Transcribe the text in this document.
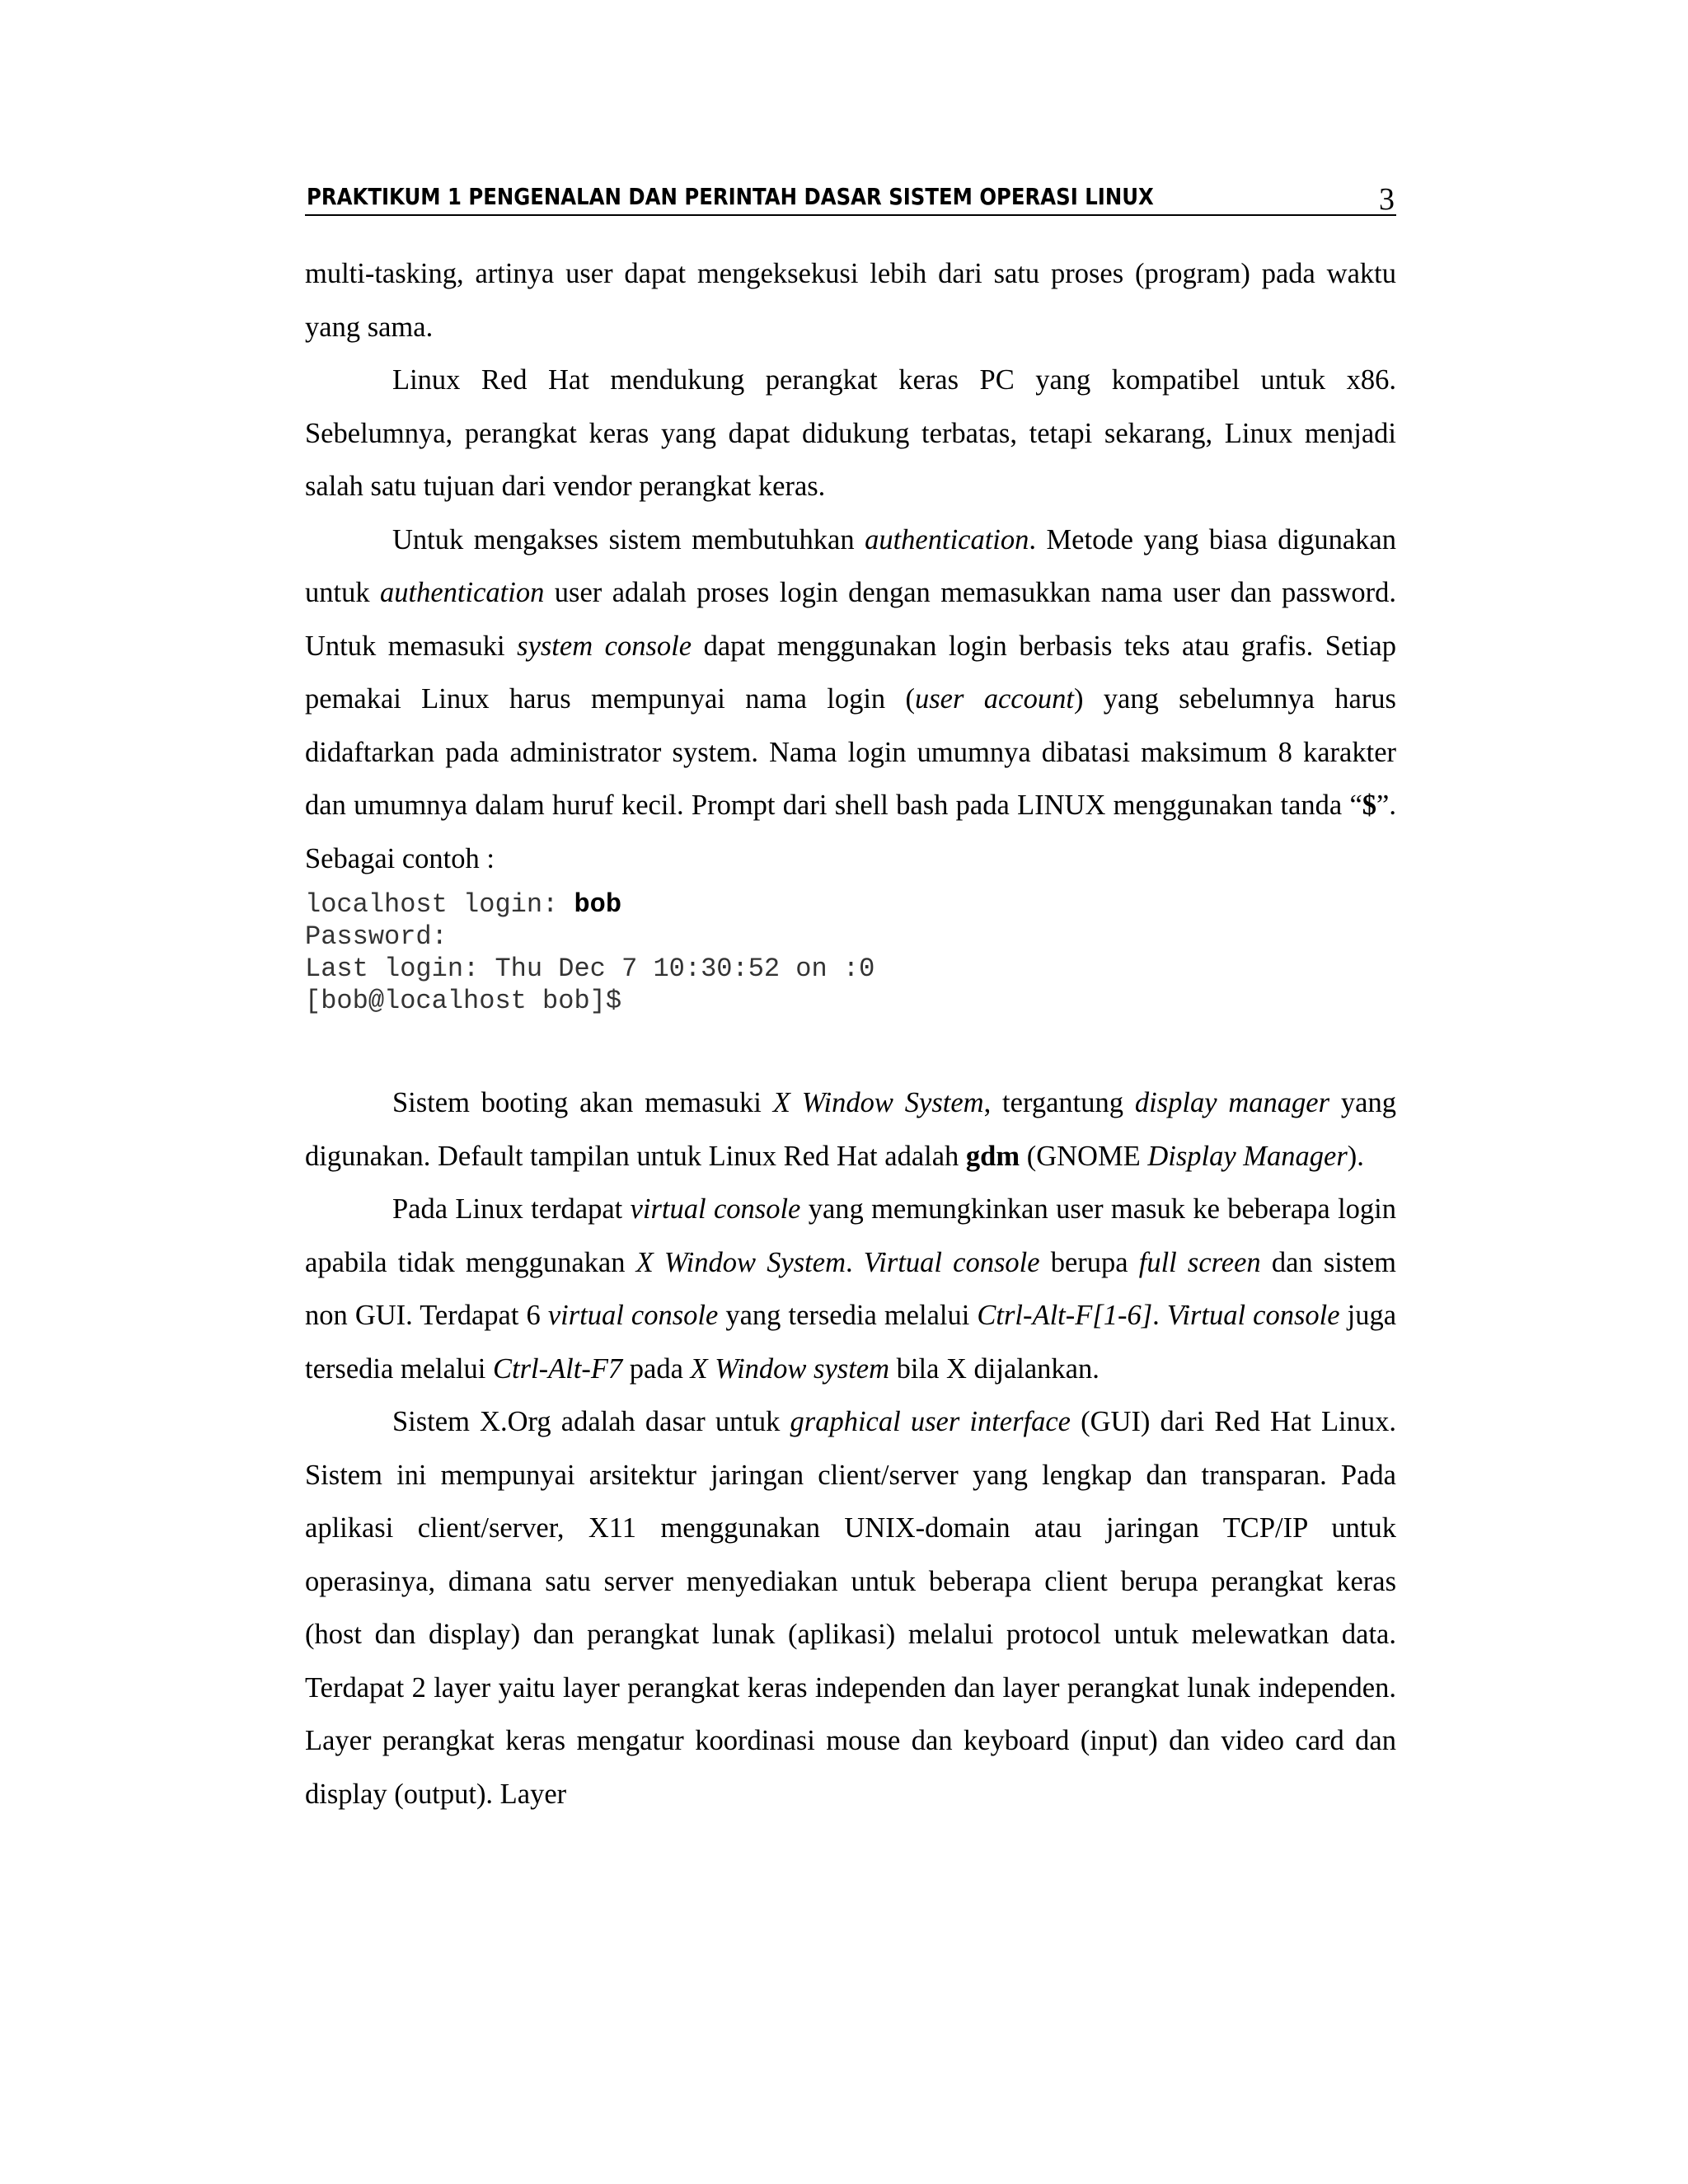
PRAKTIKUM 1 PENGENALAN DAN PERINTAH DASAR SISTEM OPERASI LINUX	3

multi-tasking, artinya user dapat mengeksekusi lebih dari satu proses (program) pada waktu yang sama.

Linux Red Hat mendukung perangkat keras PC yang kompatibel untuk x86. Sebelumnya, perangkat keras yang dapat didukung terbatas, tetapi sekarang, Linux menjadi salah satu tujuan dari vendor perangkat keras.

Untuk mengakses sistem membutuhkan authentication. Metode yang biasa digunakan untuk authentication user adalah proses login dengan memasukkan nama user dan password. Untuk memasuki system console dapat menggunakan login berbasis teks atau grafis. Setiap pemakai Linux harus mempunyai nama login (user account) yang sebelumnya harus didaftarkan pada administrator system. Nama login umumnya dibatasi maksimum 8 karakter dan umumnya dalam huruf kecil. Prompt dari shell bash pada LINUX menggunakan tanda “$”. Sebagai contoh :

localhost login: bob
Password:
Last login: Thu Dec 7 10:30:52 on :0
[bob@localhost bob]$

Sistem booting akan memasuki X Window System, tergantung display manager yang digunakan. Default tampilan untuk Linux Red Hat adalah gdm (GNOME Display Manager).

Pada Linux terdapat virtual console yang memungkinkan user masuk ke beberapa login apabila tidak menggunakan X Window System. Virtual console berupa full screen dan sistem non GUI. Terdapat 6 virtual console yang tersedia melalui Ctrl-Alt-F[1-6]. Virtual console juga tersedia melalui Ctrl-Alt-F7 pada X Window system bila X dijalankan.

Sistem X.Org adalah dasar untuk graphical user interface (GUI) dari Red Hat Linux. Sistem ini mempunyai arsitektur jaringan client/server yang lengkap dan transparan. Pada aplikasi client/server, X11 menggunakan UNIX-domain atau jaringan TCP/IP untuk operasinya, dimana satu server menyediakan untuk beberapa client berupa perangkat keras (host dan display) dan perangkat lunak (aplikasi) melalui protocol untuk melewatkan data. Terdapat 2 layer yaitu layer perangkat keras independen dan layer perangkat lunak independen. Layer perangkat keras mengatur koordinasi mouse dan keyboard (input) dan video card dan display (output). Layer
